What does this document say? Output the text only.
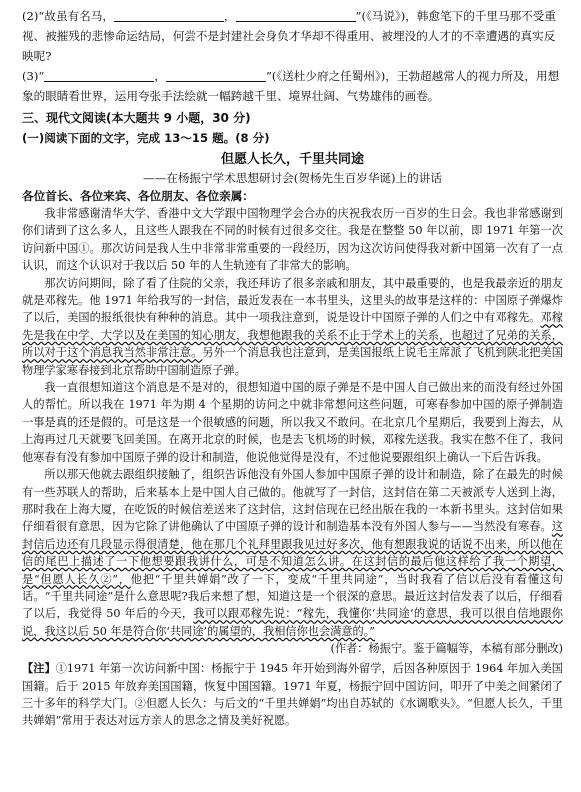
(2)“故虽有名马，	，	”(《马说》)，韩愈笔下的千里马那不受重视、被摧残的悲惨命运结局，何尝不是封建社会身负才华却不得重用、被埋没的人才的不幸遭遇的真实反映呢?

(3)“	，	”(《送杜少府之任蜀州》)，王勃超越常人的视力所及，用想象的眼睛看世界，运用夸张手法绘就一幅跨越千里、境界壮阔、气势雄伟的画卷。

三、现代文阅读(本大题共 9 小题，30 分)

(一)阅读下面的文字，完成 13～15 题。(8 分)

但愿人长久，千里共同途

——在杨振宁学术思想研讨会(贺杨先生百岁华诞)上的讲话

各位首长、各位来宾、各位朋友、各位亲属：

我非常感谢清华大学、香港中文大学跟中国物理学会合办的庆祝我农历一百岁的生日会。我也非常感谢到你们请到了这么多人，且这些人跟我在不同的时候有过很多交往。我是在整整 50 年以前，即 1971 年第一次访问新中国①。那次访问是我人生中非常非常重要的一段经历，因为这次访问使得我对新中国第一次有了一点认识，而这个认识对于我以后 50 年的人生轨迹有了非常大的影响。

那次访问期间，除了看了住院的父亲，我还拜访了很多亲戚和朋友，其中最重要的，也是我最亲近的朋友就是邓稼先。他 1971 年给我写的一封信，最近发表在一本书里头，这里头的故事是这样的：中国原子弹爆炸了以后，美国的报纸很快有种种的消息。其中一项我注意到，说是设计中国原子弹的人们之中有邓稼先。邓稼先是我在中学、大学以及在美国的知心朋友，我想他跟我的关系不止于学术上的关系，也超过了兄弟的关系，所以对于这个消息我当然非常注意。另外一个消息我也注意到，是美国报纸上说毛主席派了飞机到陕北把美国物理学家寒春接到北京帮助中国制造原子弹。

我一直很想知道这个消息是不是对的，很想知道中国的原子弹是不是中国人自己做出来的而没有经过外国人的帮忙。所以我在 1971 年为期 4 个星期的访问之中就非常想问这些问题，可寒春参加中国的原子弹制造一事是真的还是假的。可是这是一个很敏感的问题，所以我又不敢问。在北京几个星期后，我要到上海去，从上海再过几天就要飞回美国。在离开北京的时候，也是去飞机场的时候，邓稼先送我。我实在憋不住了，我问他寒春有没有参加中国原子弹的设计和制造，他说他觉得是没有，不过他说要跟组织上确认一下后告诉我。

所以那天他就去跟组织接触了，组织告诉他没有外国人参加中国原子弹的设计和制造，除了在最先的时候有一些苏联人的帮助，后来基本上是中国人自己做的。他就写了一封信，这封信在第二天被派专人送到上海，那时我在上海大厦，在吃饭的时候信差送来了这封信，这封信现在已经出版在我的一本新书里头。这封信如果仔细看很有意思，因为它除了讲他确认了中国原子弹的设计和制造基本没有外国人参与——当然没有寒春。这封信后边还有几段显示得很清楚，他在那几个礼拜里跟我见过好多次，他有想跟我说的话说不出来，所以他在信的尾巴上描述了一下他想要跟我讲什么，可是不知道怎么讲。在这封信的最后他这样给了我一个期望，是“但愿人长久②”，他把“千里共婵娟”改了一下，变成“千里共同途”，当时我看了信以后没有看懂这句话。“千里共同途”是什么意思呢?我后来想了想，知道这是一个很深的意思。最近这封信发表了以后，仔细看了以后，我觉得 50 年后的今天，我可以跟邓稼先说：“稼先，我懂你‘共同途’的意思，我可以很自信地跟你说，我这以后 50 年是符合你‘共同途’的属望的，我相信你也会满意的。”

(作者：杨振宁。鉴于篇幅等，本稿有部分删改)

【注】①1971 年第一次访问新中国：杨振宁于 1945 年开始到海外留学，后因各种原因于 1964 年加入美国国籍。后于 2015 年放弃美国国籍，恢复中国国籍。1971 年夏，杨振宁回中国访问，叩开了中美之间紧闭了三十多年的科学大门。②但愿人长久：与后文的“千里共婵娟”均出自苏轼的《水调歌头》。“但愿人长久，千里共婵娟”常用于表达对远方亲人的思念之情及美好祝愿。
